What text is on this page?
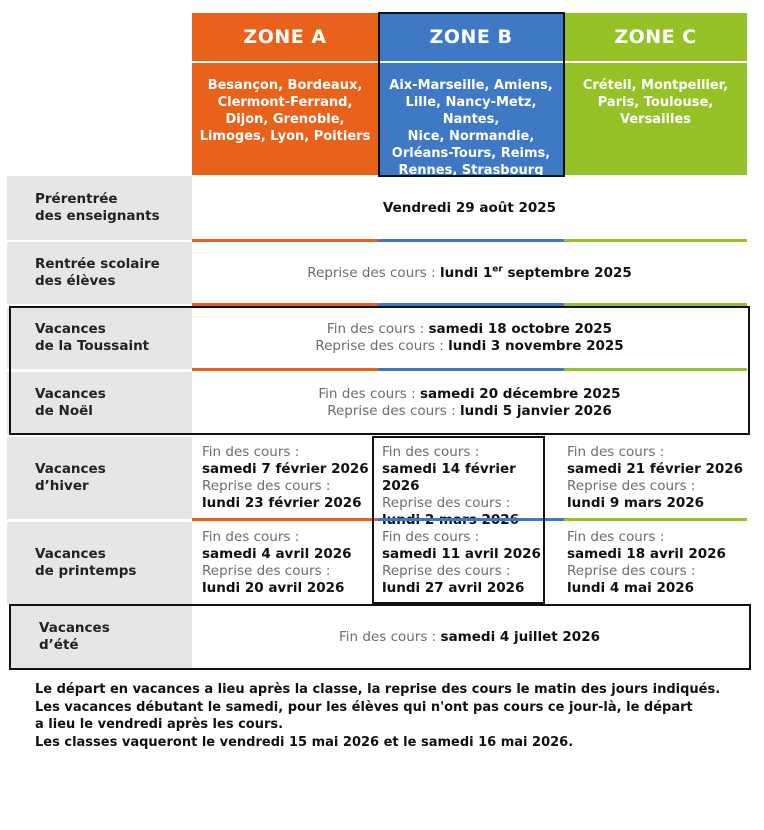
ZONE A	ZONE B	ZONE C
Besançon, Bordeaux,
Clermont-Ferrand,
Dijon, Grenoble,
Limoges, Lyon, Poitiers
Aix-Marseille, Amiens,
Lille, Nancy-Metz, Nantes,
Nice, Normandie,
Orléans-Tours, Reims,
Rennes, Strasbourg
Créteil, Montpellier,
Paris, Toulouse,
Versailles
Prérentrée
des enseignants
Vendredi 29 août 2025
Rentrée scolaire
des élèves
Reprise des cours : lundi 1er septembre 2025
Vacances
de la Toussaint
Fin des cours : samedi 18 octobre 2025
Reprise des cours : lundi 3 novembre 2025
Vacances
de Noël
Fin des cours : samedi 20 décembre 2025
Reprise des cours : lundi 5 janvier 2026
Vacances
d’hiver
Fin des cours :
samedi 7 février 2026
Reprise des cours :
lundi 23 février 2026
Fin des cours :
samedi 14 février 2026
Reprise des cours :
Fin des cours :
samedi 21 février 2026
Reprise des cours :
lundi 9 mars 2026
Vacances
de printemps
Fin des cours :
samedi 4 avril 2026
Reprise des cours :
lundi 20 avril 2026
Fin des cours :
samedi 11 avril 2026
Reprise des cours :
lundi 27 avril 2026
Fin des cours :
samedi 18 avril 2026
Reprise des cours :
lundi 4 mai 2026
Vacances
d’été
Fin des cours : samedi 4 juillet 2026
Le départ en vacances a lieu après la classe, la reprise des cours le matin des jours indiqués.
Les vacances débutant le samedi, pour les élèves qui n'ont pas cours ce jour-là, le départ
a lieu le vendredi après les cours.
Les classes vaqueront le vendredi 15 mai 2026 et le samedi 16 mai 2026.
